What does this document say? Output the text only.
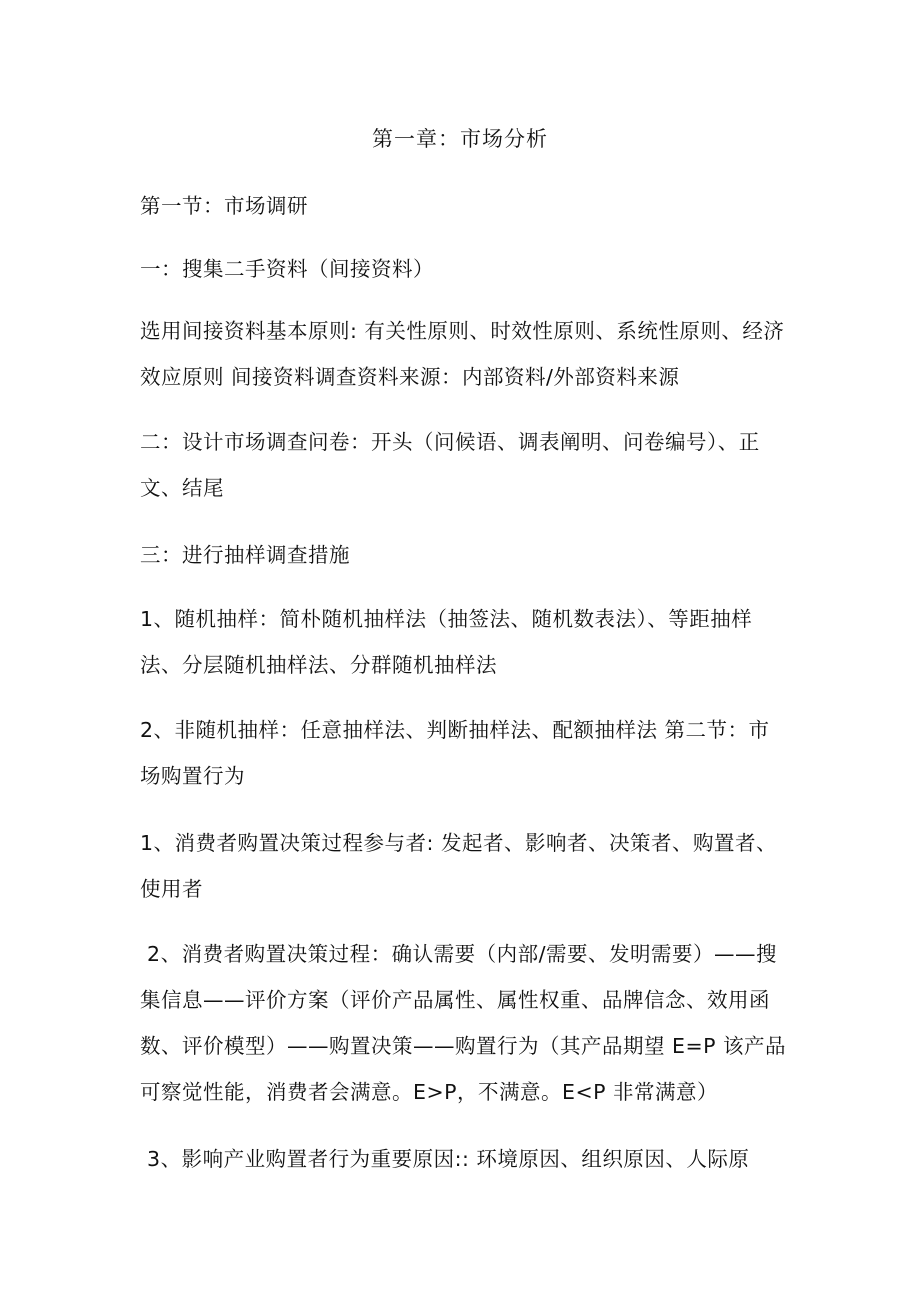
第一章：市场分析
第一节：市场调研
一：搜集二手资料（间接资料）
选用间接资料基本原则: 有关性原则、时效性原则、系统性原则、经济效应原则 间接资料调查资料来源：内部资料/外部资料来源
二：设计市场调查问卷：开头（问候语、调表阐明、问卷编号）、正文、结尾
三：进行抽样调查措施
1、随机抽样：简朴随机抽样法（抽签法、随机数表法）、等距抽样法、分层随机抽样法、分群随机抽样法
2、非随机抽样：任意抽样法、判断抽样法、配额抽样法 第二节：市场购置行为
1、消费者购置决策过程参与者: 发起者、影响者、决策者、购置者、使用者
2、消费者购置决策过程：确认需要（内部/需要、发明需要）——搜集信息——评价方案（评价产品属性、属性权重、品牌信念、效用函数、评价模型）——购置决策——购置行为（其产品期望 E=P 该产品可察觉性能，消费者会满意。E>P，不满意。E<P 非常满意）
3、影响产业购置者行为重要原因:: 环境原因、组织原因、人际原
